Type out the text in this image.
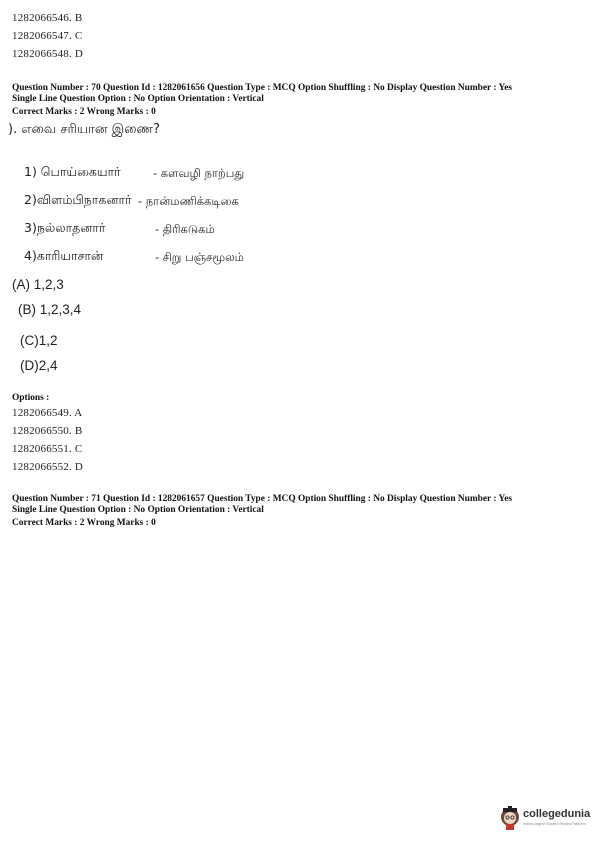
1282066546. B
1282066547. C
1282066548. D
Question Number : 70 Question Id : 1282061656 Question Type : MCQ Option Shuffling : No Display Question Number : Yes
Single Line Question Option : No Option Orientation : Vertical
Correct Marks : 2 Wrong Marks : 0
). எவை சரியான இணை?
1) பொய்கையார்	- களவழி நாற்பது
2)விளம்பிநாகனார் - நான்மணிக்கடிகை
3)நல்லாதனார்	- திரிகடுகம்
4)காரியாசான்	- சிறு பஞ்சமூலம்
(A) 1,2,3
(B) 1,2,3,4
(C)1,2
(D)2,4
Options :
1282066549. A
1282066550. B
1282066551. C
1282066552. D
Question Number : 71 Question Id : 1282061657 Question Type : MCQ Option Shuffling : No Display Question Number : Yes
Single Line Question Option : No Option Orientation : Vertical
Correct Marks : 2 Wrong Marks : 0
collegedunia
India's largest Student Review Platform
